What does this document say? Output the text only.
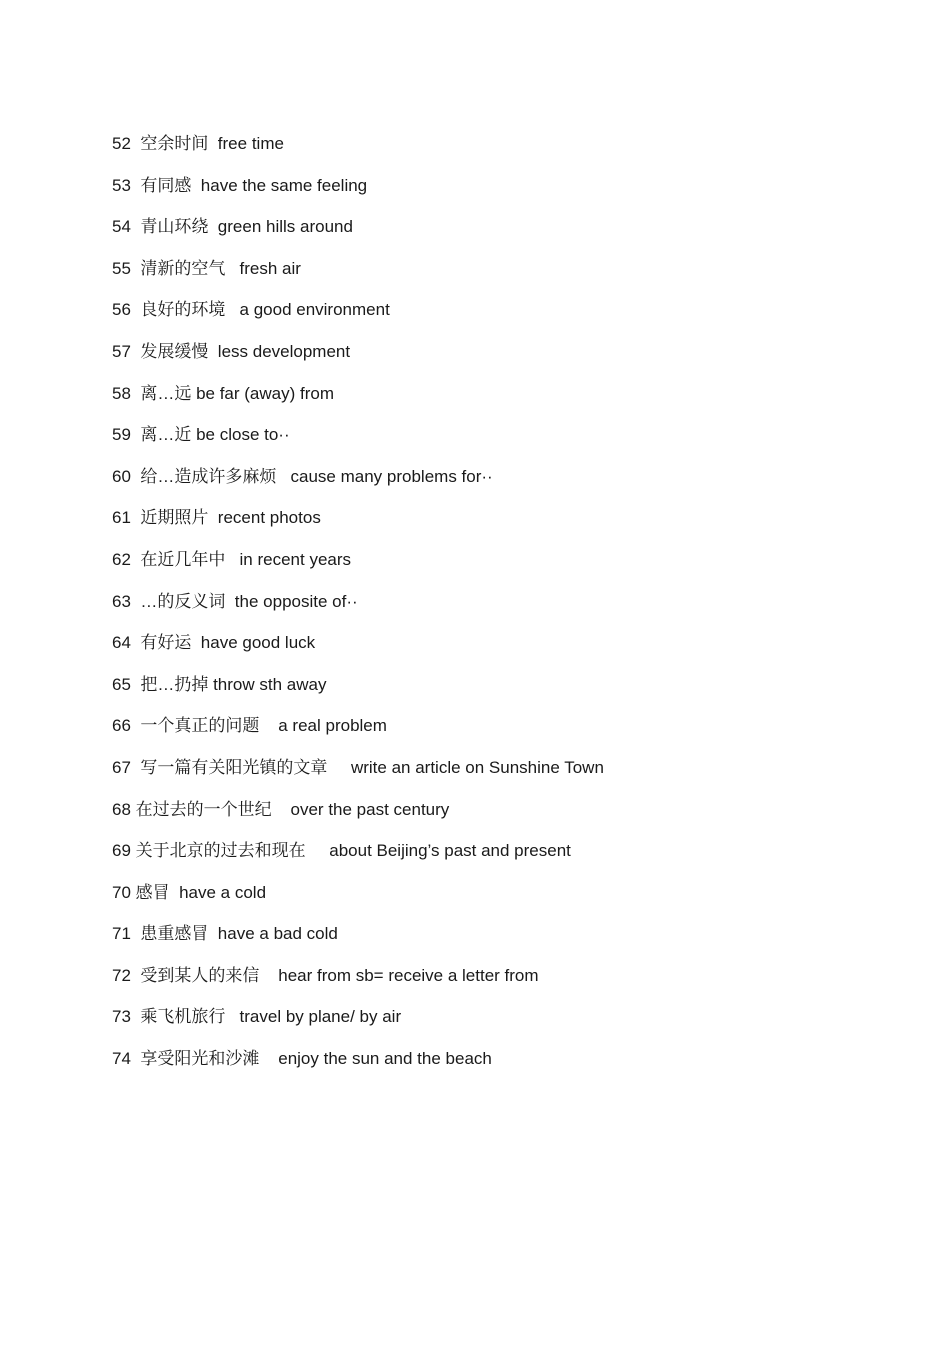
52  空余时间  free time
53  有同感  have the same feeling
54  青山环绕  green hills around
55  清新的空气   fresh air
56  良好的环境   a good environment
57  发展缓慢  less development
58  离…远 be far (away) from
59  离…近 be close to··
60  给…造成许多麻烦   cause many problems for··
61  近期照片  recent photos
62  在近几年中   in recent years
63  …的反义词  the opposite of··
64  有好运  have good luck
65  把…扔掉 throw sth away
66  一个真正的问题    a real problem
67  写一篇有关阳光镇的文章     write an article on Sunshine Town
68 在过去的一个世纪    over the past century
69 关于北京的过去和现在     about Beijing’s past and present
70 感冒  have a cold
71  患重感冒  have a bad cold
72  受到某人的来信    hear from sb= receive a letter from
73  乘飞机旅行   travel by plane/ by air
74  享受阳光和沙滩    enjoy the sun and the beach
